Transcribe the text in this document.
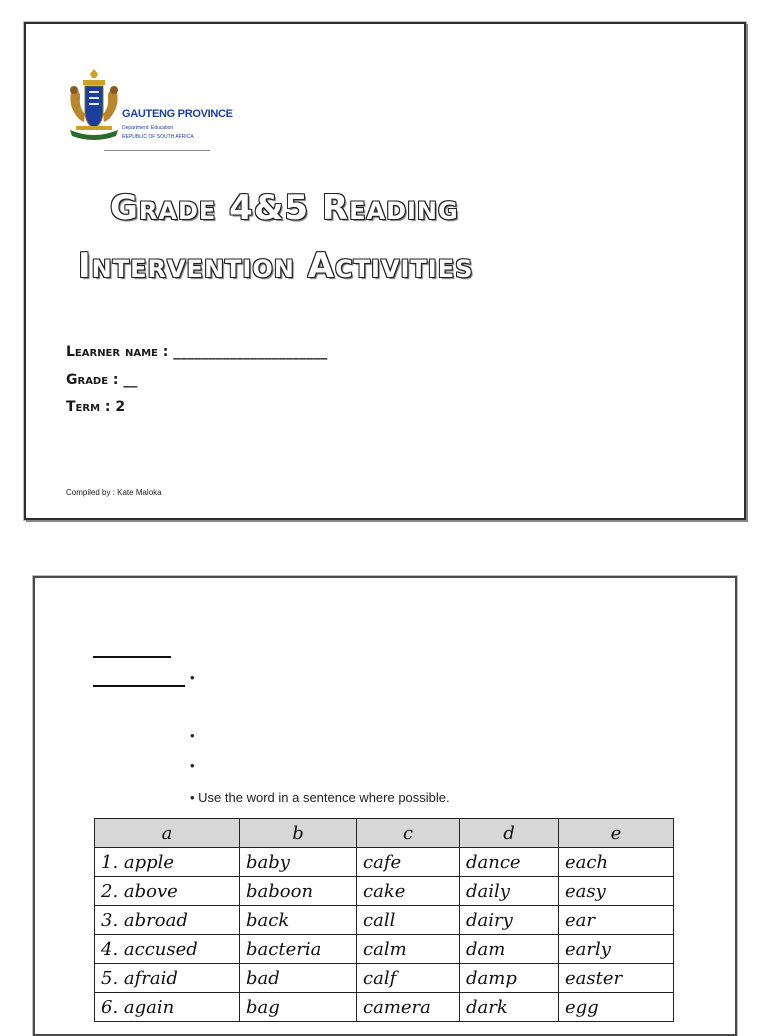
GAUTENG PROVINCE
Department: Education
REPUBLIC OF SOUTH AFRICA
Grade 4&5 Reading
Intervention Activities
Learner name : ______________________
Grade : __
Term : 2
Compiled by : Kate Maloka
•
•
•
• Use the word in a sentence where possible.
a	b	c	d	e
1. apple	baby	cafe	dance	each
2. above	baboon	cake	daily	easy
3. abroad	back	call	dairy	ear
4. accused	bacteria	calm	dam	early
5. afraid	bad	calf	damp	easter
6. again	bag	camera	dark	egg
